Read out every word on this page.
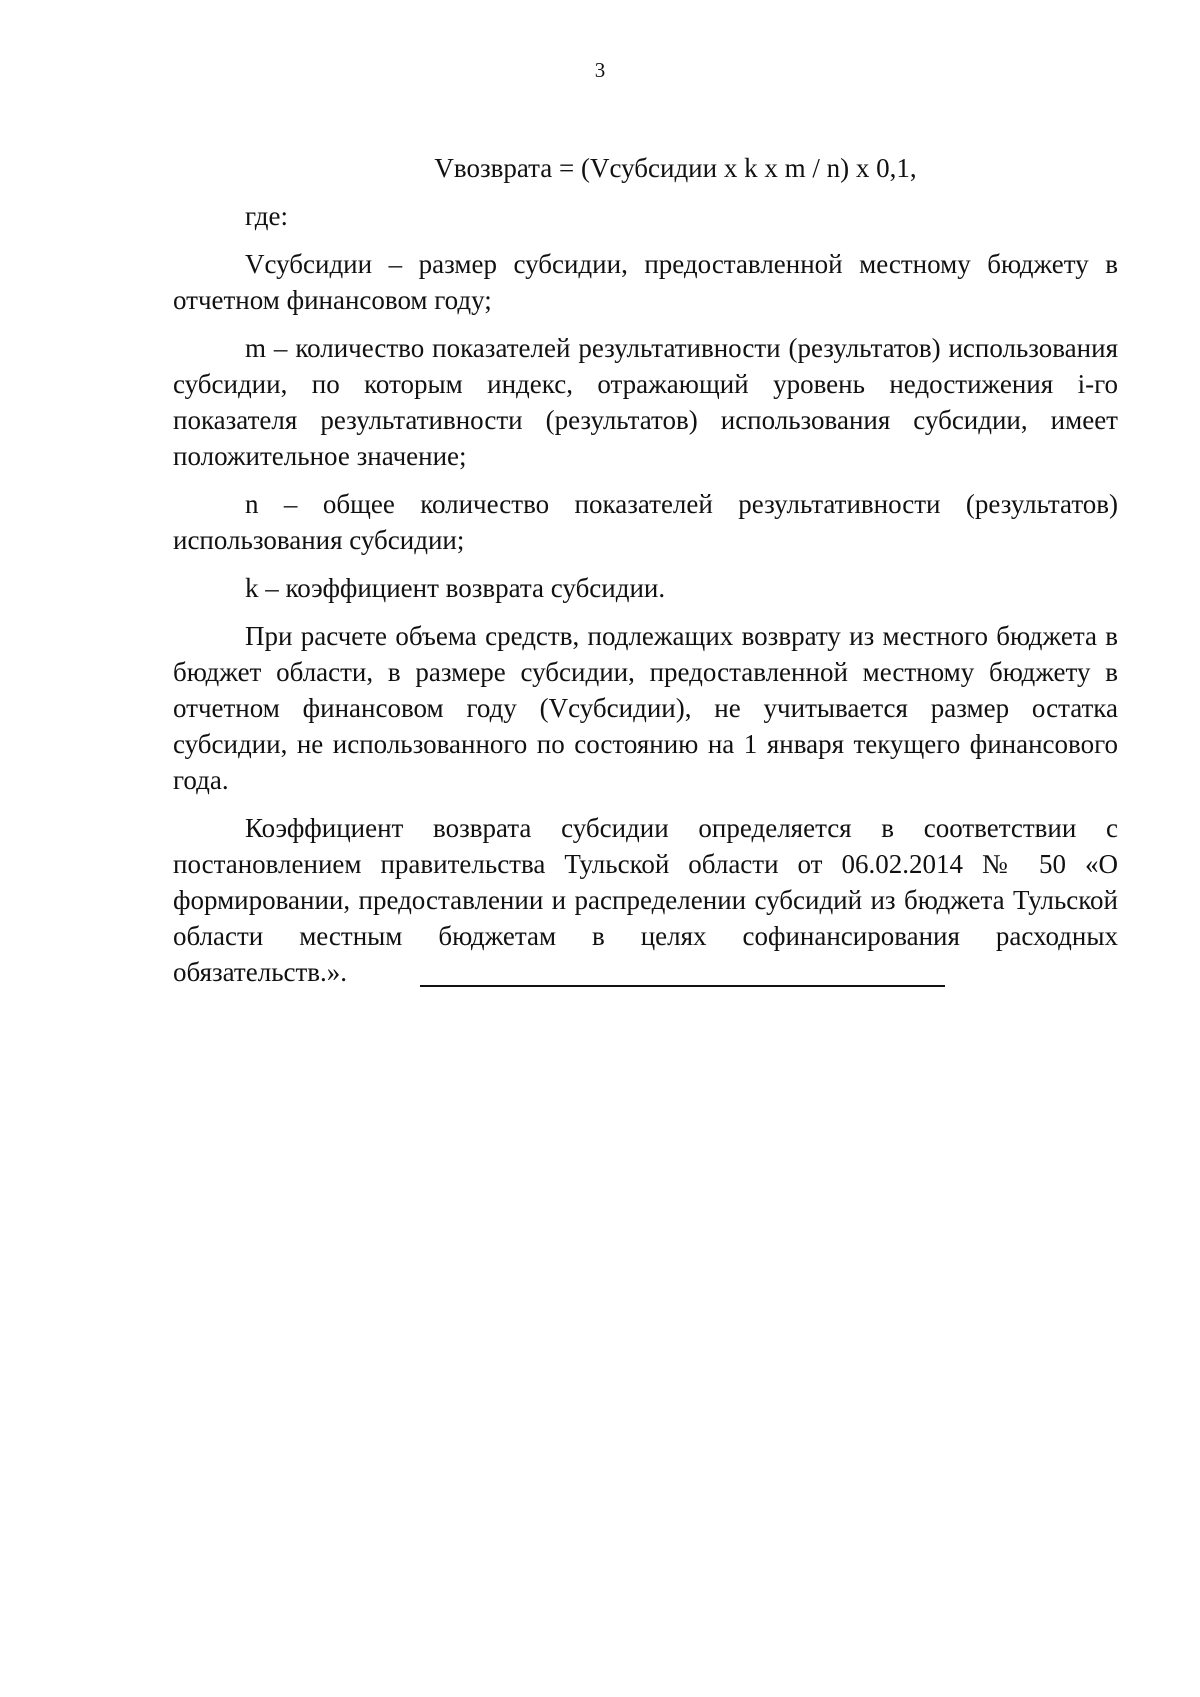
3

Vвозврата = (Vсубсидии x k x m / n) x 0,1,

где:

Vсубсидии – размер субсидии, предоставленной местному бюджету в отчетном финансовом году;

m – количество показателей результативности (результатов) использования субсидии, по которым индекс, отражающий уровень недостижения i-го показателя результативности (результатов) использования субсидии, имеет положительное значение;

n – общее количество показателей результативности (результатов) использования субсидии;

k – коэффициент возврата субсидии.

При расчете объема средств, подлежащих возврату из местного бюджета в бюджет области, в размере субсидии, предоставленной местному бюджету в отчетном финансовом году (Vсубсидии), не учитывается размер остатка субсидии, не использованного по состоянию на 1 января текущего финансового года.

Коэффициент возврата субсидии определяется в соответствии с постановлением правительства Тульской области от 06.02.2014 № 50 «О формировании, предоставлении и распределении субсидий из бюджета Тульской области местным бюджетам в целях софинансирования расходных обязательств.».
